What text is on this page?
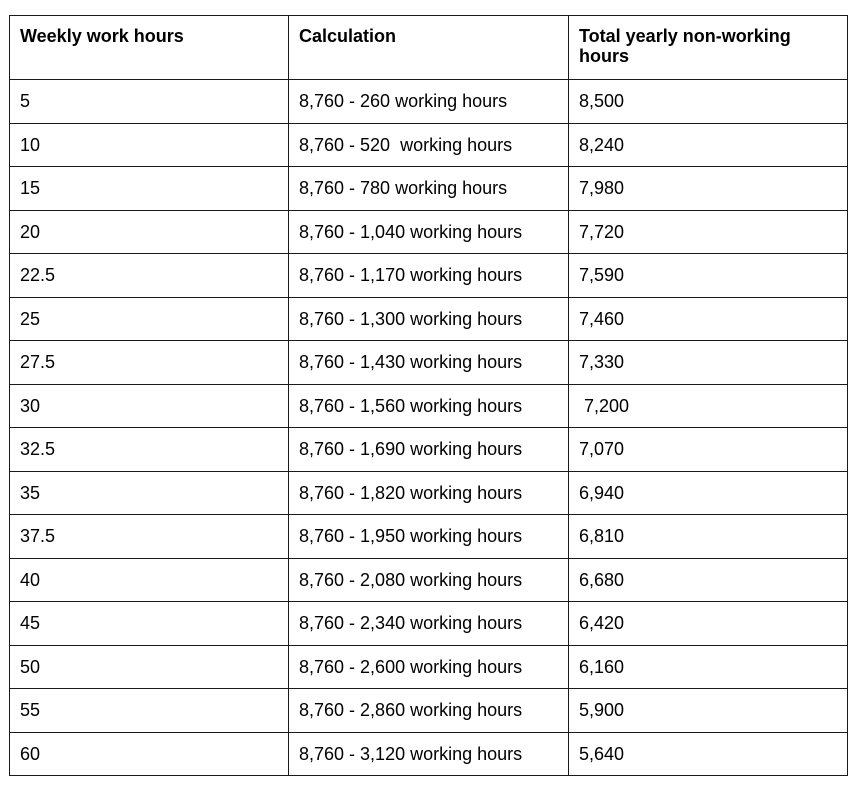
Weekly work hours	Calculation	Total yearly non-working hours
5	8,760 - 260 working hours	8,500
10	8,760 - 520  working hours	8,240
15	8,760 - 780 working hours	7,980
20	8,760 - 1,040 working hours	7,720
22.5	8,760 - 1,170 working hours	7,590
25	8,760 - 1,300 working hours	7,460
27.5	8,760 - 1,430 working hours	7,330
30	8,760 - 1,560 working hours	7,200
32.5	8,760 - 1,690 working hours	7,070
35	8,760 - 1,820 working hours	6,940
37.5	8,760 - 1,950 working hours	6,810
40	8,760 - 2,080 working hours	6,680
45	8,760 - 2,340 working hours	6,420
50	8,760 - 2,600 working hours	6,160
55	8,760 - 2,860 working hours	5,900
60	8,760 - 3,120 working hours	5,640
